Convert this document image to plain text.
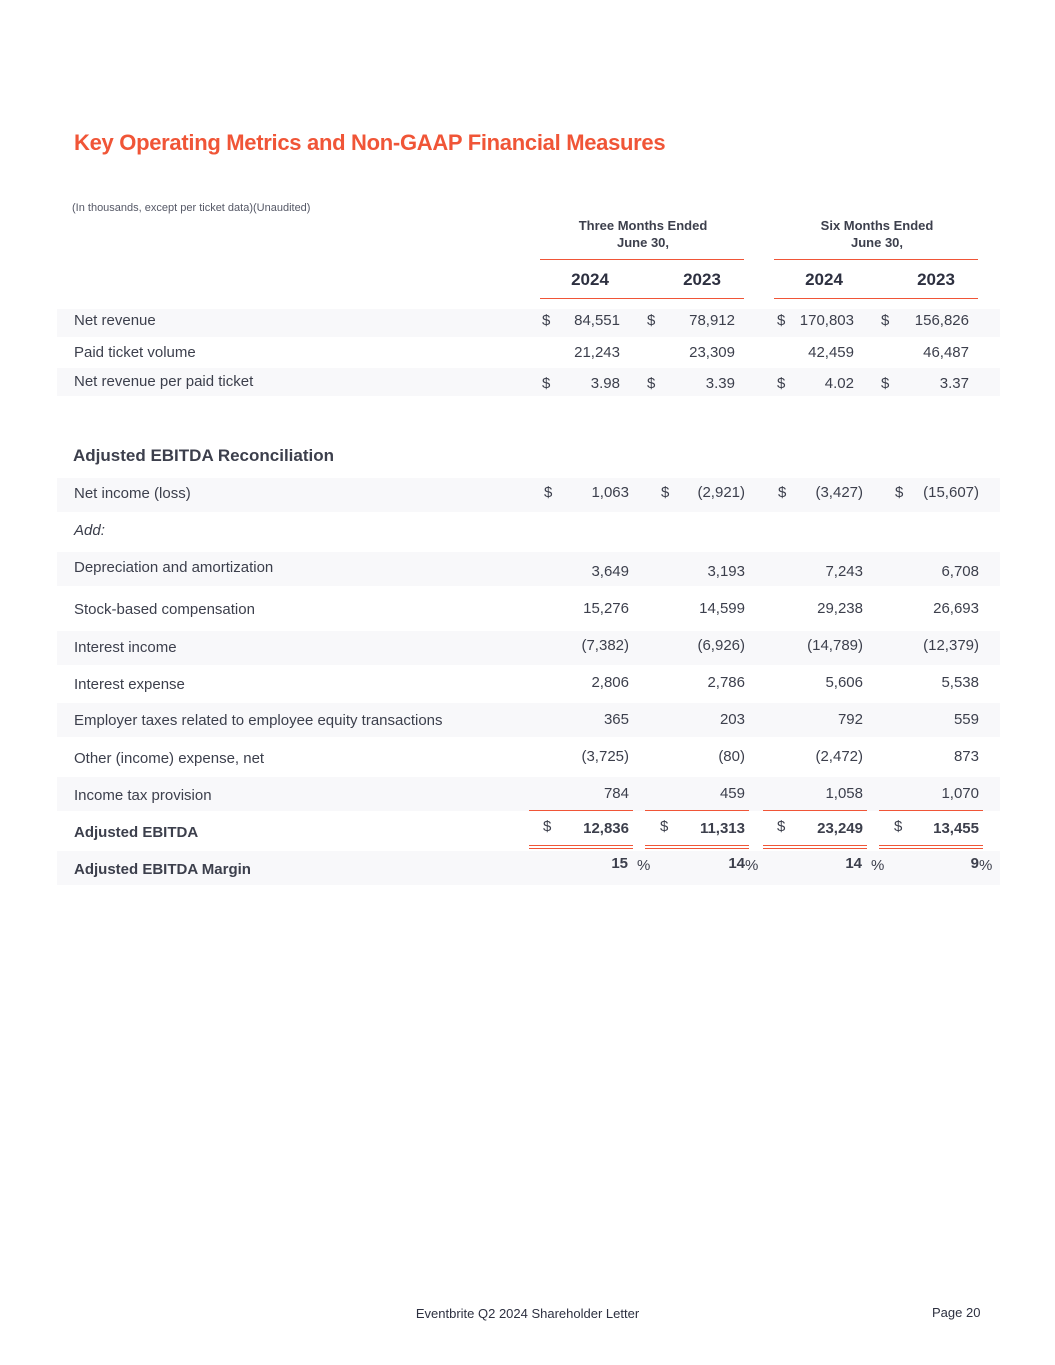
Key Operating Metrics and Non-GAAP Financial Measures
(In thousands, except per ticket data)(Unaudited)
Three Months Ended
June 30,
Six Months Ended
June 30,
2024	2023	2024	2023
Net revenue	$	84,551 $	78,912	$ 170,803 $	156,826
Paid ticket volume	21,243	23,309	42,459	46,487
Net revenue per paid ticket	$	3.98 $	3.39	$	4.02 $	3.37
Adjusted EBITDA Reconciliation
Net income (loss)	$	1,063 $	(2,921) $	(3,427) $	(15,607)
Add:
Depreciation and amortization	3,649	3,193	7,243	6,708
Stock-based compensation	15,276	14,599	29,238	26,693
Interest income	(7,382)	(6,926)	(14,789)	(12,379)
Interest expense	2,806	2,786	5,606	5,538
Employer taxes related to employee equity transactions	365	203	792	559
Other (income) expense, net	(3,725)	(80)	(2,472)	873
Income tax provision	784	459	1,058	1,070
Adjusted EBITDA	$	12,836 $	11,313 $	23,249 $	13,455
Adjusted EBITDA Margin	15 %	14 %	14 %	9 %
Eventbrite Q2 2024 Shareholder Letter	Page 20
